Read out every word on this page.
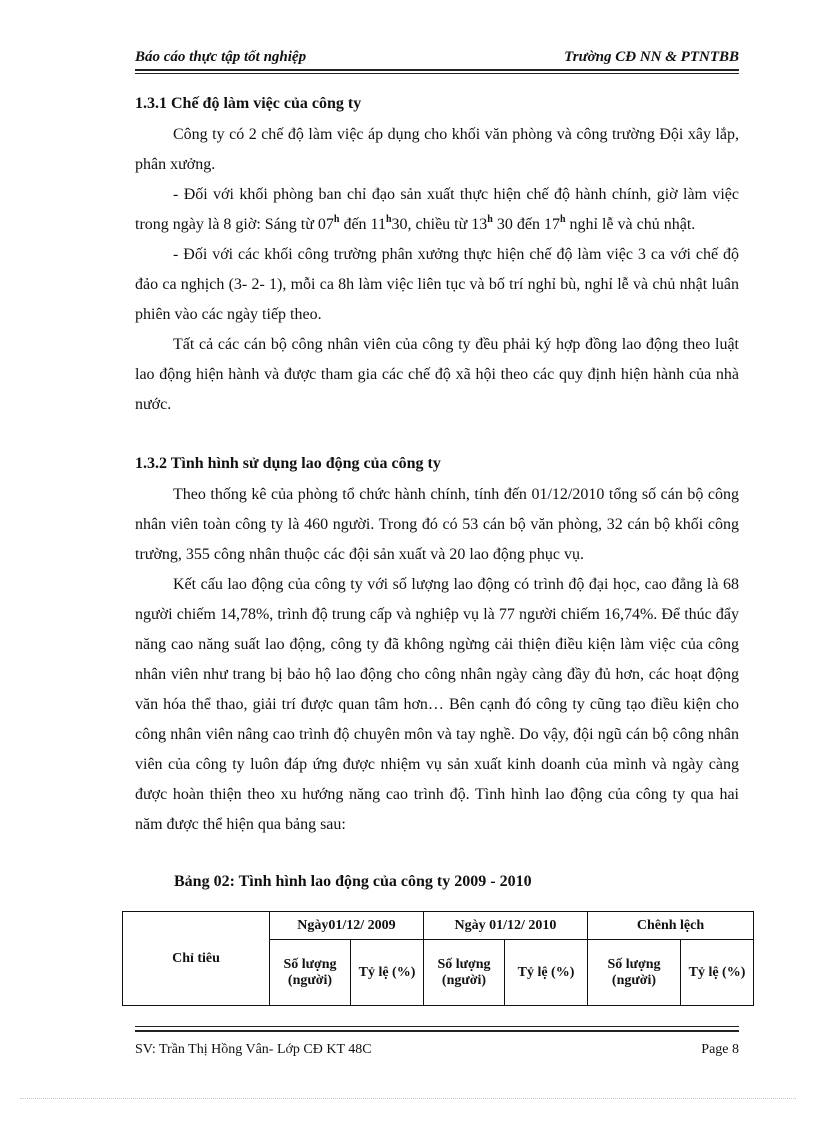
Báo cáo thực tập tốt nghiệp	Trường CĐ NN & PTNTBB
1.3.1 Chế độ làm việc của công ty

Công ty có 2 chế độ làm việc áp dụng cho khối văn phòng và công trường Đội xây lắp, phân xưởng.

- Đối với khối phòng ban chỉ đạo sản xuất thực hiện chế độ hành chính, giờ làm việc trong ngày là 8 giờ: Sáng từ 07$^h$ đến 11$^h$30, chiều từ 13$^h$ 30 đến 17$^h$ nghỉ lễ và chủ nhật.

- Đối với các khối công trường phân xưởng thực hiện chế độ làm việc 3 ca với chế độ đảo ca nghịch (3- 2- 1), mỗi ca 8h làm việc liên tục và bố trí nghỉ bù, nghỉ lễ và chủ nhật luân phiên vào các ngày tiếp theo.

Tất cả các cán bộ công nhân viên của công ty đều phải ký hợp đồng lao động theo luật lao động hiện hành và được tham gia các chế độ xã hội theo các quy định hiện hành của nhà nước.

1.3.2 Tình hình sử dụng lao động của công ty

Theo thống kê của phòng tổ chức hành chính, tính đến 01/12/2010 tổng số cán bộ công nhân viên toàn công ty là 460 người. Trong đó có 53 cán bộ văn phòng, 32 cán bộ khối công trường, 355 công nhân thuộc các đội sản xuất và 20 lao động phục vụ.

Kết cấu lao động của công ty với số lượng lao động có trình độ đại học, cao đẳng là 68 người chiếm 14,78%, trình độ trung cấp và nghiệp vụ là 77 người chiếm 16,74%. Để thúc đẩy năng cao năng suất lao động, công ty đã không ngừng cải thiện điều kiện làm việc của công nhân viên như trang bị bảo hộ lao động cho công nhân ngày càng đầy đủ hơn, các hoạt động văn hóa thể thao, giải trí được quan tâm hơn… Bên cạnh đó công ty cũng tạo điều kiện cho công nhân viên nâng cao trình độ chuyên môn và tay nghề. Do vậy, đội ngũ cán bộ công nhân viên của công ty luôn đáp ứng được nhiệm vụ sản xuất kinh doanh của mình và ngày càng được hoàn thiện theo xu hướng năng cao trình độ. Tình hình lao động của công ty qua hai năm được thể hiện qua bảng sau:

Bảng 02: Tình hình lao động của công ty 2009 - 2010
Chỉ tiêu	Ngày01/12/ 2009		Ngày 01/12/ 2010		Chênh lệch	
	Số lượng (người)	Tỷ lệ (%)	Số lượng (người)	Tỷ lệ (%)	Số lượng (người)	Tỷ lệ (%)
SV: Trần Thị Hồng Vân- Lớp CĐ KT 48C	Page 8
